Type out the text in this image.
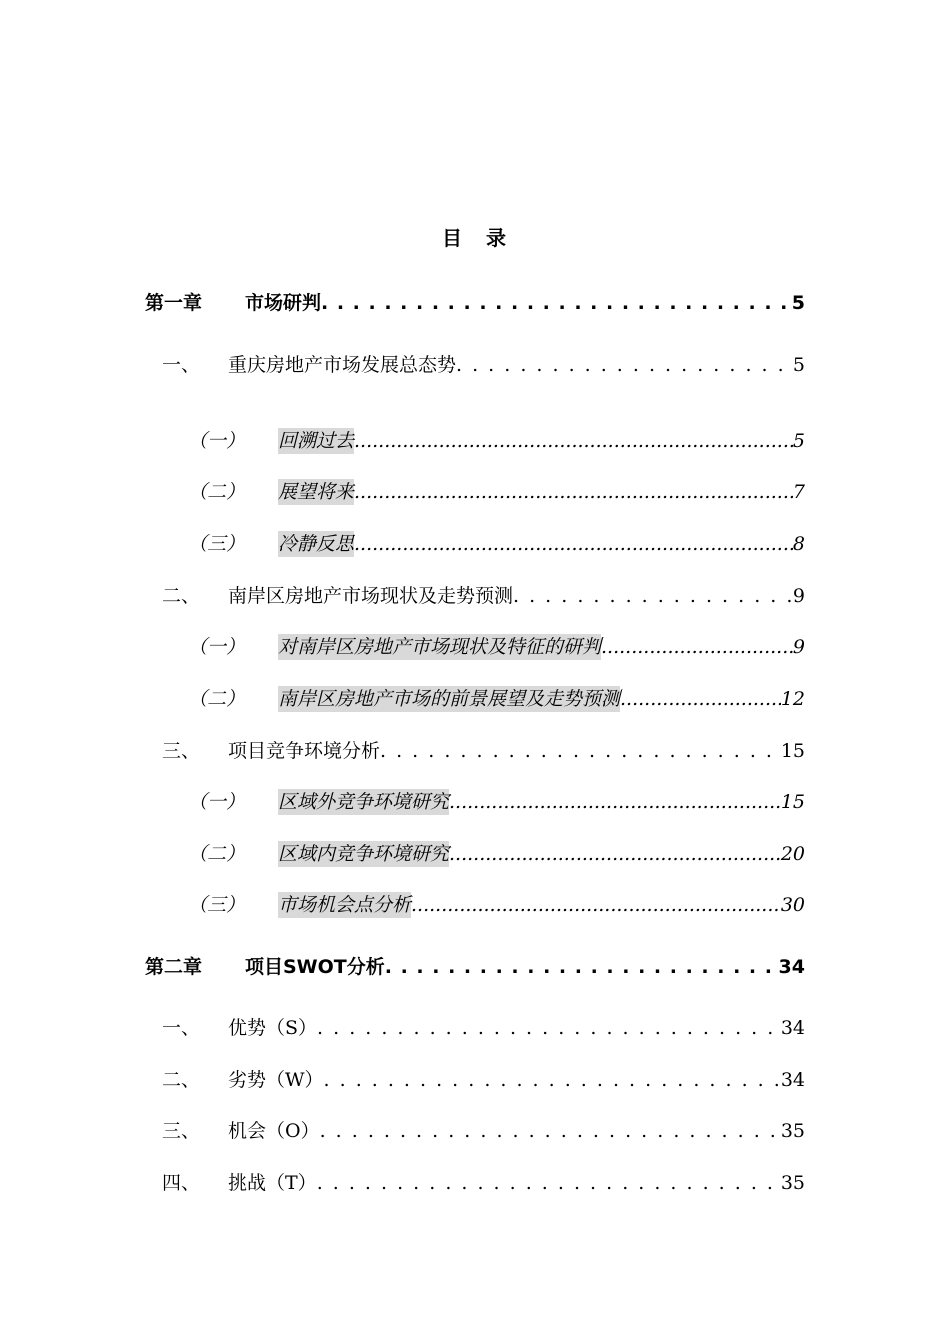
目　录
第一章 市场研判 . . .	5
一、 重庆房地产市场发展总态势 . . .	5
（一） 回溯过去 .....	5
（二） 展望将来 .....	7
（三） 冷静反思 .....	8
二、 南岸区房地产市场现状及走势预测 . . .	9
（一） 对南岸区房地产市场现状及特征的研判 .....	9
（二） 南岸区房地产市场的前景展望及走势预测 .....	12
三、 项目竞争环境分析 . . .	15
（一） 区域外竞争环境研究 .....	15
（二） 区域内竞争环境研究 .....	20
（三） 市场机会点分析 .....	30
第二章 项目SWOT分析 . . .	34
一、 优势（S） . . .	34
二、 劣势（W） . . .	34
三、 机会（O） . . .	35
四、 挑战（T） . . .	35
